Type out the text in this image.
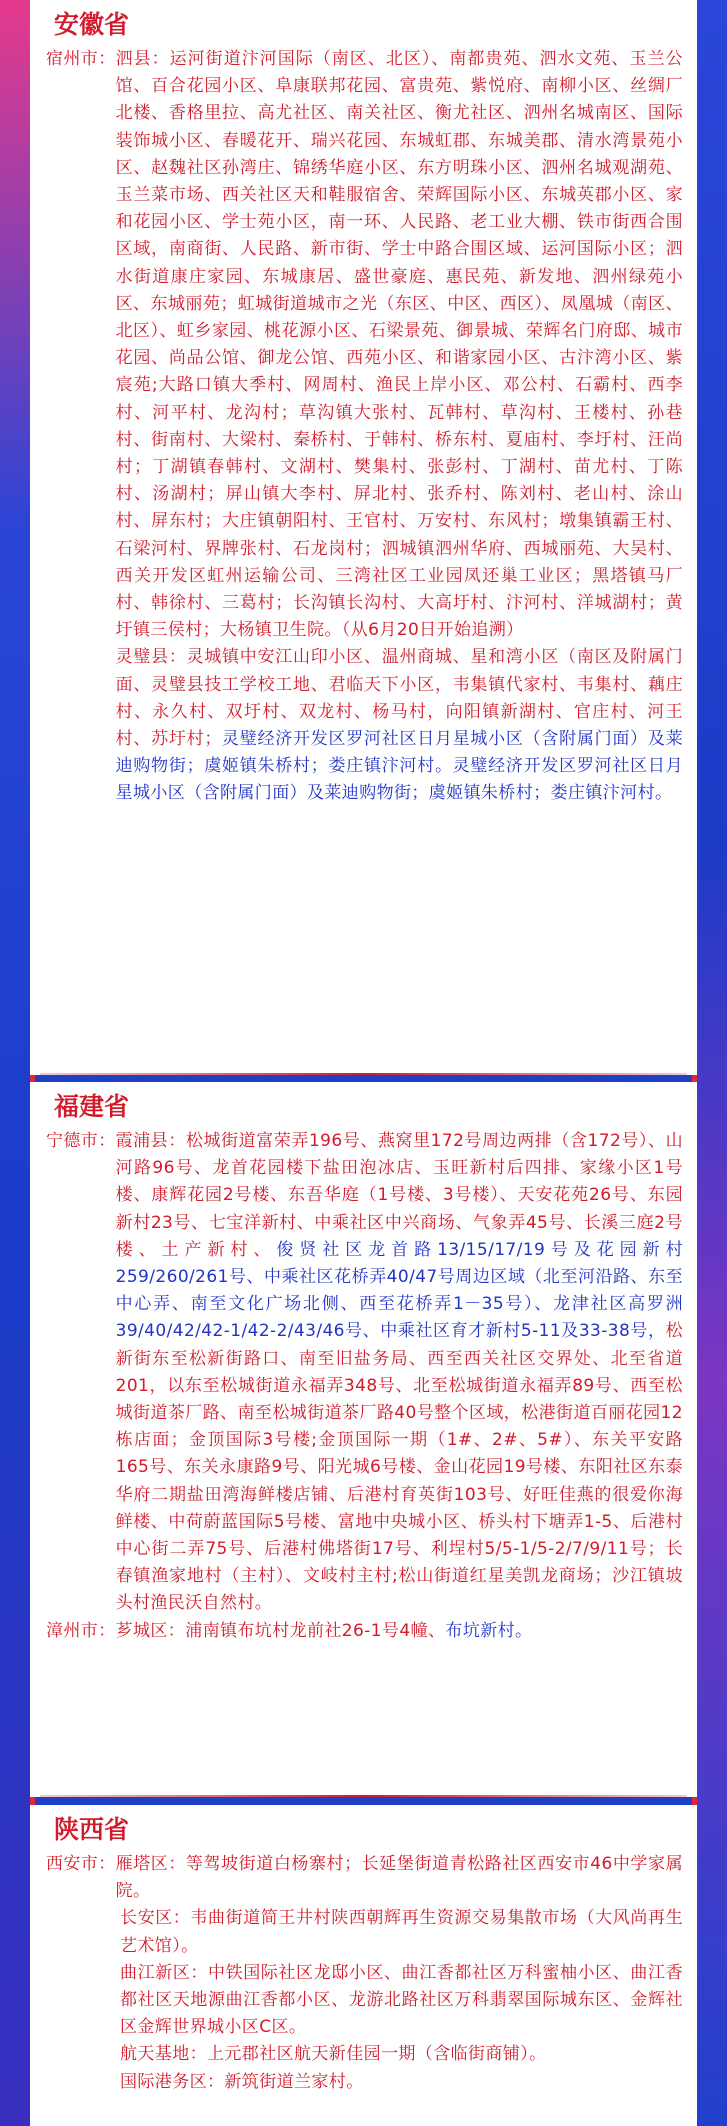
安徽省
宿州市： 泗县：运河街道汴河国际（南区、北区）、南都贵苑、泗水文苑、玉兰公馆、百合花园小区、阜康联邦花园、富贵苑、紫悦府、南柳小区、丝绸厂北楼、香格里拉、高尤社区、南关社区、衡尤社区、泗州名城南区、国际装饰城小区、春暖花开、瑞兴花园、东城虹郡、东城美郡、清水湾景苑小区、赵魏社区孙湾庄、锦绣华庭小区、东方明珠小区、泗州名城观湖苑、玉兰菜市场、西关社区天和鞋服宿舍、荣辉国际小区、东城英郡小区、家和花园小区、学士苑小区，南一环、人民路、老工业大棚、铁市街西合围区域，南商街、人民路、新市街、学士中路合围区域、运河国际小区；泗水街道康庄家园、东城康居、盛世豪庭、惠民苑、新发地、泗州绿苑小区、东城丽苑；虹城街道城市之光（东区、中区、西区）、凤凰城（南区、北区）、虹乡家园、桃花源小区、石梁景苑、御景城、荣辉名门府邸、城市花园、尚品公馆、御龙公馆、西苑小区、和谐家园小区、古汴湾小区、紫宸苑;大路口镇大季村、网周村、渔民上岸小区、邓公村、石霸村、西李村、河平村、龙沟村；草沟镇大张村、瓦韩村、草沟村、王楼村、孙巷村、街南村、大梁村、秦桥村、于韩村、桥东村、夏庙村、李圩村、汪尚村；丁湖镇春韩村、文湖村、樊集村、张彭村、丁湖村、苗尤村、丁陈村、汤湖村；屏山镇大李村、屏北村、张乔村、陈刘村、老山村、涂山村、屏东村；大庄镇朝阳村、王官村、万安村、东风村；墩集镇霸王村、石梁河村、界牌张村、石龙岗村；泗城镇泗州华府、西城丽苑、大吴村、西关开发区虹州运输公司、三湾社区工业园凤还巢工业区；黑塔镇马厂村、韩徐村、三葛村；长沟镇长沟村、大高圩村、汴河村、洋城湖村；黄圩镇三侯村；大杨镇卫生院。（从6月20日开始追溯）
灵璧县：灵城镇中安江山印小区、温州商城、星和湾小区（南区及附属门面、灵璧县技工学校工地、君临天下小区，韦集镇代家村、韦集村、藕庄村、永久村、双圩村、双龙村、杨马村，向阳镇新湖村、官庄村、河王村、苏圩村；灵璧经济开发区罗河社区日月星城小区（含附属门面）及莱迪购物街；虞姬镇朱桥村；娄庄镇汴河村。灵璧经济开发区罗河社区日月星城小区（含附属门面）及莱迪购物街；虞姬镇朱桥村；娄庄镇汴河村。
福建省
宁德市： 霞浦县：松城街道富荣弄196号、燕窝里172号周边两排（含172号）、山河路96号、龙首花园楼下盐田泡冰店、玉旺新村后四排、家缘小区1号楼、康辉花园2号楼、东吾华庭（1号楼、3号楼）、天安花苑26号、东园新村23号、七宝洋新村、中乘社区中兴商场、气象弄45号、长溪三庭2号楼、土产新村、俊贤社区龙首路13/15/17/19号及花园新村259/260/261号、中乘社区花桥弄40/47号周边区域（北至河沿路、东至中心弄、南至文化广场北侧、西至花桥弄1－35号）、龙津社区高罗洲39/40/42/42-1/42-2/43/46号、中乘社区育才新村5-11及33-38号，松新街东至松新街路口、南至旧盐务局、西至西关社区交界处、北至省道201，以东至松城街道永福弄348号、北至松城街道永福弄89号、西至松城街道茶厂路、南至松城街道茶厂路40号整个区域，松港街道百丽花园12栋店面；金顶国际3号楼;金顶国际一期（1#、2#、5#）、东关平安路165号、东关永康路9号、阳光城6号楼、金山花园19号楼、东阳社区东泰华府二期盐田湾海鲜楼店铺、后港村育英街103号、好旺佳燕的很爱你海鲜楼、中荷蔚蓝国际5号楼、富地中央城小区、桥头村下塘弄1-5、后港村中心街二弄75号、后港村佛塔街17号、利埕村5/5-1/5-2/7/9/11号；长春镇渔家地村（主村）、文岐村主村;松山街道红星美凯龙商场；沙江镇坡头村渔民沃自然村。
漳州市： 芗城区：浦南镇布坑村龙前社26-1号4幢、布坑新村。
陕西省
西安市： 雁塔区：等驾坡街道白杨寨村；长延堡街道青松路社区西安市46中学家属院。
长安区：韦曲街道简王井村陕西朝辉再生资源交易集散市场（大风尚再生艺术馆）。
曲江新区：中铁国际社区龙邸小区、曲江香都社区万科蜜柚小区、曲江香都社区天地源曲江香都小区、龙游北路社区万科翡翠国际城东区、金辉社区金辉世界城小区C区。
航天基地：上元郡社区航天新佳园一期（含临街商铺）。
国际港务区：新筑街道兰家村。
